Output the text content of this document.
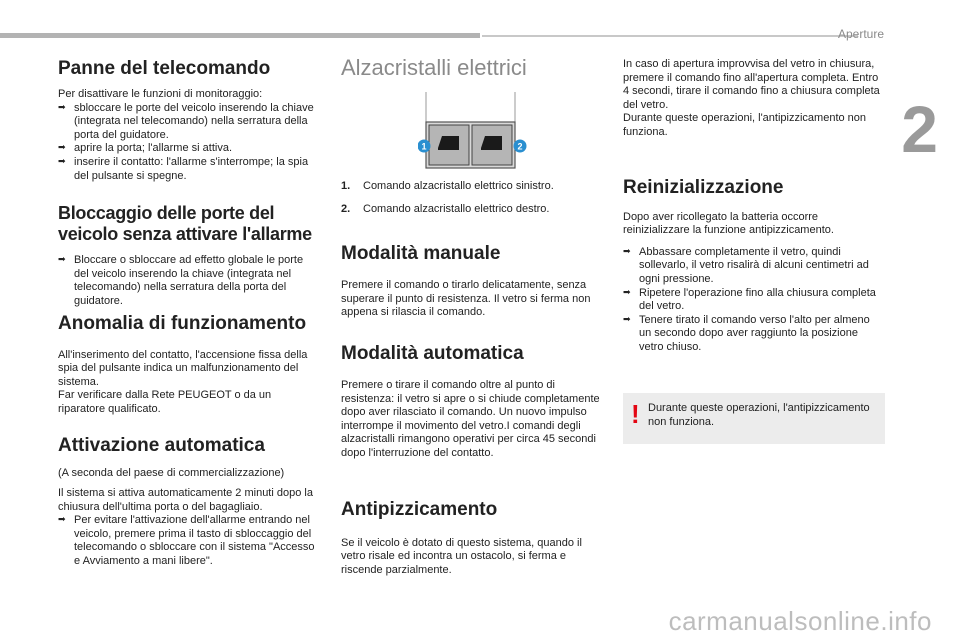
Aperture
2
carmanualsonline.info
Panne del telecomando

Per disattivare le funzioni di monitoraggio:

➡ sbloccare le porte del veicolo inserendo la chiave (integrata nel telecomando) nella serratura della porta del guidatore.
➡ aprire la porta; l'allarme si attiva.
➡ inserire il contatto: l'allarme s'interrompe; la spia del pulsante si spegne.
Bloccaggio delle porte del
veicolo senza attivare l'allarme
➡ Bloccare o sbloccare ad effetto globale le porte del veicolo inserendo la chiave (integrata nel telecomando) nella serratura della porta del guidatore.
Anomalia di funzionamento

All'inserimento del contatto, l'accensione fissa della spia del pulsante indica un malfunzionamento del sistema.

Far verificare dalla Rete PEUGEOT o da un riparatore qualificato.

Attivazione automatica

(A seconda del paese di commercializzazione)

Il sistema si attiva automaticamente 2 minuti dopo la chiusura dell'ultima porta o del bagagliaio.

➡ Per evitare l'attivazione dell'allarme entrando nel veicolo, premere prima il tasto di sbloccaggio del telecomando o sbloccare con il sistema "Accesso e Avviamento a mani libere".
Alzacristalli elettrici
1	2
1. Comando alzacristallo elettrico sinistro.
2. Comando alzacristallo elettrico destro.
Modalità manuale

Premere il comando o tirarlo delicatamente, senza superare il punto di resistenza. Il vetro si ferma non appena si rilascia il comando.

Modalità automatica

Premere o tirare il comando oltre al punto di resistenza: il vetro si apre o si chiude completamente dopo aver rilasciato il comando. Un nuovo impulso interrompe il movimento del vetro.I comandi degli alzacristalli rimangono operativi per circa 45 secondi dopo l'interruzione del contatto.

Antipizzicamento

Se il veicolo è dotato di questo sistema, quando il vetro risale ed incontra un ostacolo, si ferma e riscende parzialmente.

In caso di apertura improvvisa del vetro in chiusura, premere il comando fino all'apertura completa. Entro 4 secondi, tirare il comando fino a chiusura completa del vetro.

Durante queste operazioni, l'antipizzicamento non funziona.

Reinizializzazione

Dopo aver ricollegato la batteria occorre reinizializzare la funzione antipizzicamento.

➡ Abbassare completamente il vetro, quindi sollevarlo, il vetro risalirà di alcuni centimetri ad ogni pressione.
➡ Ripetere l'operazione fino alla chiusura completa del vetro.
➡ Tenere tirato il comando verso l'alto per almeno un secondo dopo aver raggiunto la posizione vetro chiuso.
! Durante queste operazioni, l'antipizzicamento non funziona.
